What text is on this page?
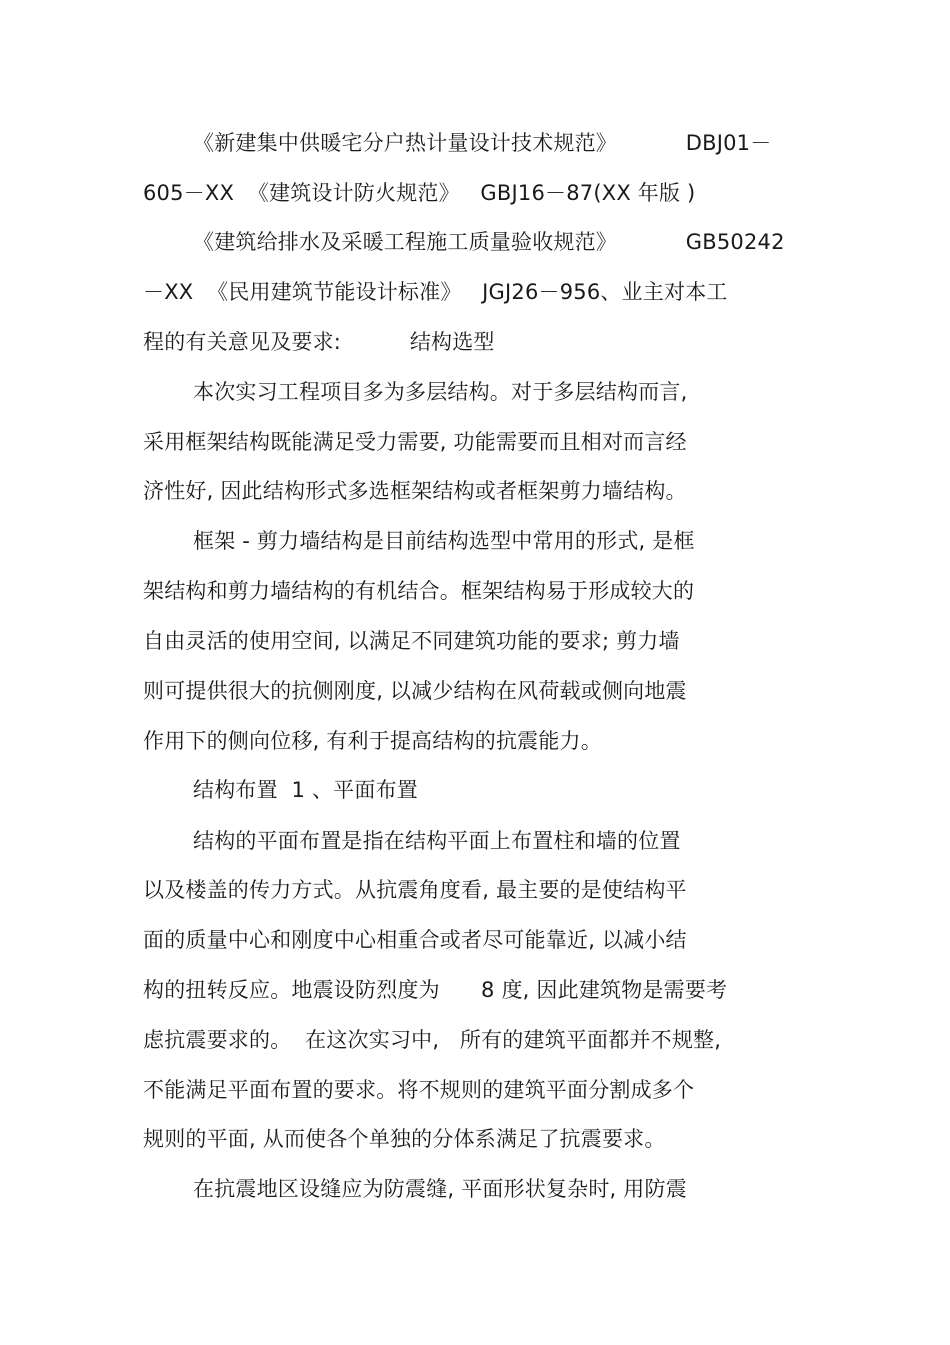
《新建集中供暖宅分户热计量设计技术规范》          DBJ01－
605－XX  《建筑设计防火规范》   GBJ16－87(XX 年版 )
《建筑给排水及采暖工程施工质量验收规范》          GB50242
－XX  《民用建筑节能设计标准》   JGJ26－956、业主对本工
程的有关意见及要求:          结构选型
本次实习工程项目多为多层结构。对于多层结构而言,
采用框架结构既能满足受力需要, 功能需要而且相对而言经
济性好, 因此结构形式多选框架结构或者框架剪力墙结构。
框架 - 剪力墙结构是目前结构选型中常用的形式, 是框
架结构和剪力墙结构的有机结合。框架结构易于形成较大的
自由灵活的使用空间, 以满足不同建筑功能的要求; 剪力墙
则可提供很大的抗侧刚度, 以减少结构在风荷载或侧向地震
作用下的侧向位移, 有利于提高结构的抗震能力。
结构布置  1 、平面布置
结构的平面布置是指在结构平面上布置柱和墙的位置
以及楼盖的传力方式。从抗震角度看, 最主要的是使结构平
面的质量中心和刚度中心相重合或者尽可能靠近, 以减小结
构的扭转反应。地震设防烈度为      8 度, 因此建筑物是需要考
虑抗震要求的。  在这次实习中,   所有的建筑平面都并不规整,
不能满足平面布置的要求。将不规则的建筑平面分割成多个
规则的平面, 从而使各个单独的分体系满足了抗震要求。
在抗震地区设缝应为防震缝, 平面形状复杂时, 用防震
